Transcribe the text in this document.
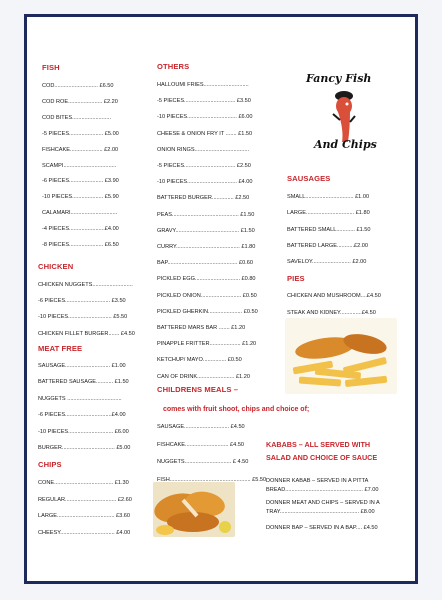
FISH
COD............................ £6.50
COD ROE...................... £2.20
COD BITES.........................
-5 PIECES...................... £5.00
FISHCAKE..................... £2.00
SCAMPI..................................
-6 PIECES...................... £3.90
-10 PIECES.................... £5.90
CALAMARI..............................
-4 PIECES.......................£4.00
-8 PIECES...................... £6.50
CHICKEN
CHICKEN NUGGETS..........................
-6 PIECES............................. £3.50
-10 PIECES............................ £5.50
CHICKEN FILLET BURGER....... £4.50
MEAT FREE
SAUSAGE............................. £1.00
BATTERED SAUSAGE........... £1.50
NUGGETS ...................................
-6 PIECES..............................£4.00
-10 PIECES............................. £6.00
BURGER.................................. £5.00
CHIPS
CONE...................................... £1.30
REGULAR................................. £2.60
LARGE..................................... £3.60
CHEESY................................... £4.00
OTHERS
HALLOUMI FRIES.............................
-5 PIECES................................. £3.50
-10 PIECES................................ £6.00
CHEESE & ONION FRY IT ....... £1.50
ONION RINGS...................................
-5 PIECES................................. £2.50
-10 PIECES................................ £4.00
BATTERED BURGER.............. £2.50
PEAS........................................... £1.50
GRAVY......................................... £1.50
CURRY......................................... £1.80
BAP............................................. £0.60
PICKLED EGG............................. £0.80
PICKLED ONION.......................... £0.50
PICKLED GHERKIN...................... £0.50
BATTERED MARS BAR ....... £1.20
PINAPPLE FRITTER.................... £1.20
KETCHUP/ MAYO............... £0.50
CAN OF DRINK........................ £1.20
CHILDRENS MEALS –
comes with fruit shoot, chips and choice of;
SAUSAGE............................. £4.50
FISHCAKE............................ £4.50
NUGGETS.............................. £ 4.50
FISH.................................................... £5.50
Fancy Fish
And Chips
SAUSAGES
SMALL............................... £1.00
LARGE............................... £1.80
BATTERED SMALL............ £1.50
BATTERED LARGE...........£2.00
SAVELOY......................... £2.00
PIES
CHICKEN AND MUSHROOM....£4.50
STEAK AND KIDNEY..............£4.50
KABABS – ALL SERVED WITH
SALAD AND CHOICE OF SAUCE
DONNER KABAB – SERVED IN A PITTA
BREAD.................................................. £7.00
DONNER MEAT AND CHIPS – SERVED IN A
TRAY................................................... £8.00
DONNER BAP – SERVED IN A BAP.... £4.50
